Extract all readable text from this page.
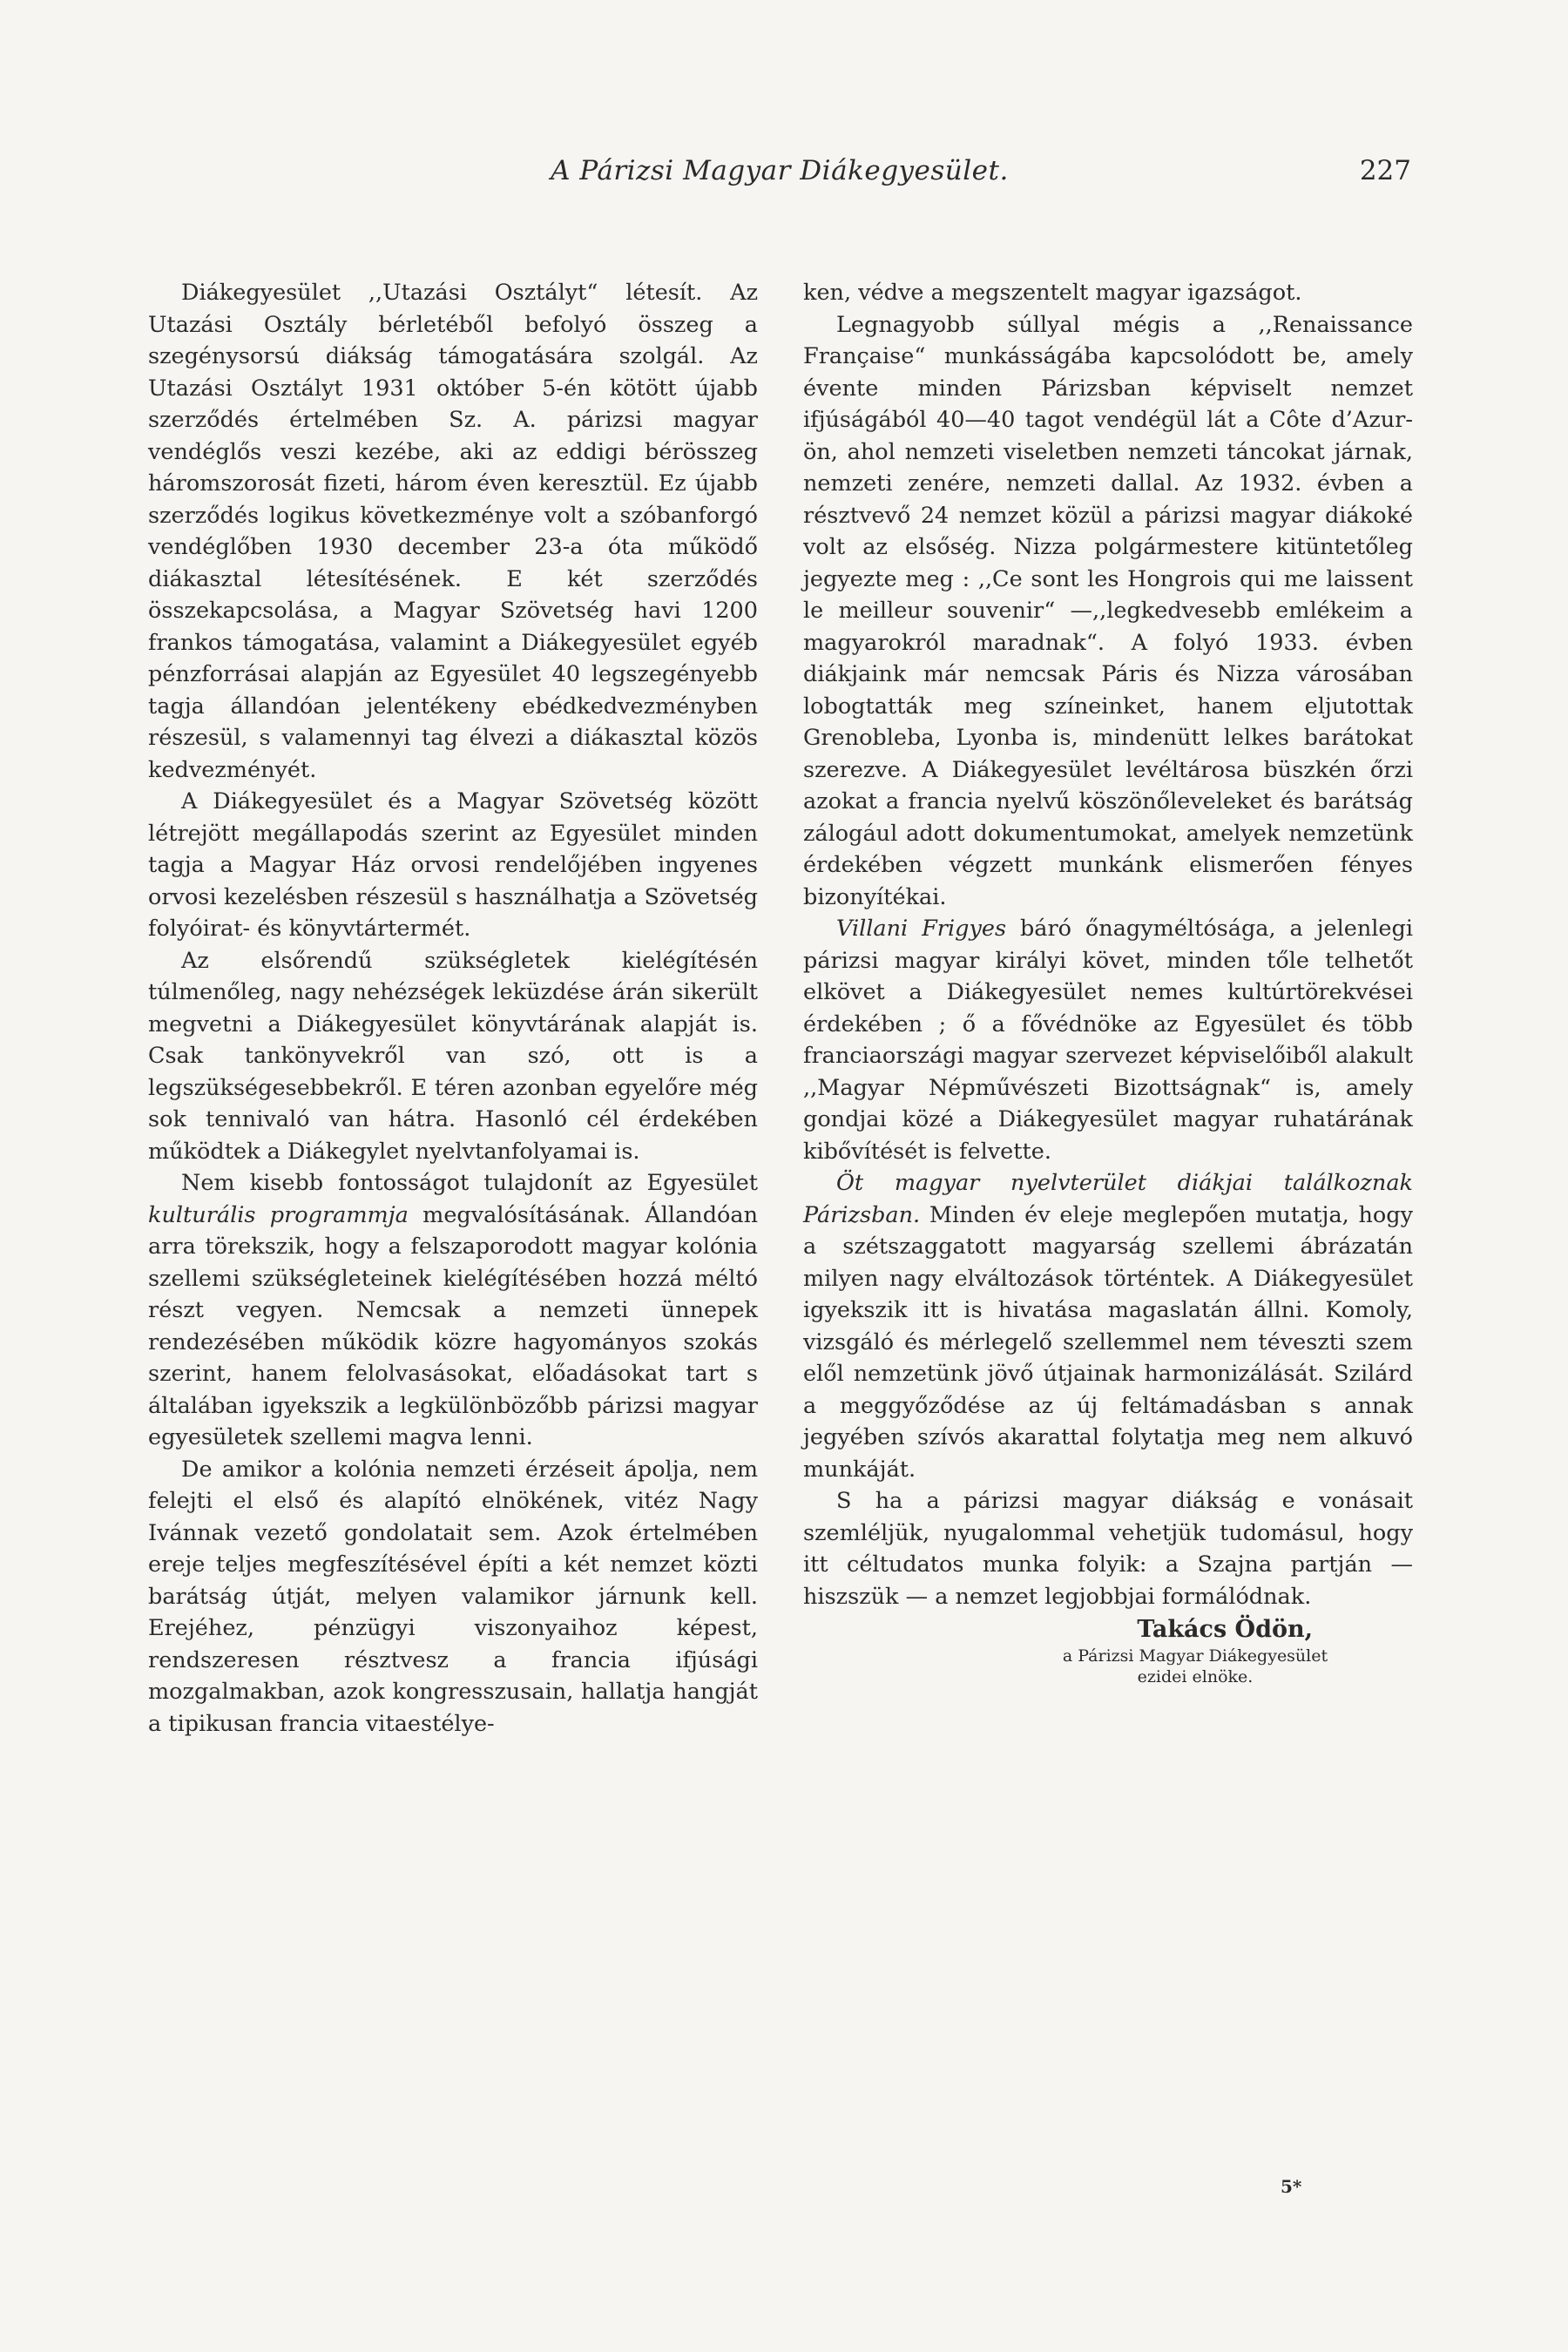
A Párizsi Magyar Diákegyesület.	227

Diákegyesület ,,Utazási Osztályt“ létesít. Az Utazási Osztály bérletéből befolyó összeg a szegénysorsú diákság támogatására szolgál. Az Utazási Osztályt 1931 október 5-én kötött újabb szerződés értelmében Sz. A. párizsi magyar vendéglős veszi kezébe, aki az eddigi bérösszeg háromszorosát fizeti, három éven keresztül. Ez újabb szerződés logikus következménye volt a szóbanforgó vendéglőben 1930 december 23-a óta működő diákasztal létesítésének. E két szerződés összekapcsolása, a Magyar Szövetség havi 1200 frankos támogatása, valamint a Diákegyesület egyéb pénzforrásai alapján az Egyesület 40 legszegényebb tagja állandóan jelentékeny ebédkedvezményben részesül, s valamennyi tag élvezi a diákasztal közös kedvezményét.

A Diákegyesület és a Magyar Szövetség között létrejött megállapodás szerint az Egyesület minden tagja a Magyar Ház orvosi rendelőjében ingyenes orvosi kezelésben részesül s használhatja a Szövetség folyóirat- és könyvtártermét.

Az elsőrendű szükségletek kielégítésén túlmenőleg, nagy nehézségek leküzdése árán sikerült megvetni a Diákegyesület könyvtárának alapját is. Csak tankönyvekről van szó, ott is a legszükségesebbekről. E téren azonban egyelőre még sok tennivaló van hátra. Hasonló cél érdekében működtek a Diákegylet nyelvtanfolyamai is.

Nem kisebb fontosságot tulajdonít az Egyesület kulturális programmja megvalósításának. Állandóan arra törekszik, hogy a felszaporodott magyar kolónia szellemi szükségleteinek kielégítésében hozzá méltó részt vegyen. Nemcsak a nemzeti ünnepek rendezésében működik közre hagyományos szokás szerint, hanem felolvasásokat, előadásokat tart s általában igyekszik a legkülönbözőbb párizsi magyar egyesületek szellemi magva lenni.

De amikor a kolónia nemzeti érzéseit ápolja, nem felejti el első és alapító elnökének, vitéz Nagy Ivánnak vezető gondolatait sem. Azok értelmében ereje teljes megfeszítésével építi a két nemzet közti barátság útját, melyen valamikor járnunk kell. Erejéhez, pénzügyi viszonyaihoz képest, rendszeresen résztvesz a francia ifjúsági mozgalmakban, azok kongresszusain, hallatja hangját a tipikusan francia vitaestélye-

ken, védve a megszentelt magyar igazságot.

Legnagyobb súllyal mégis a ,,Renaissance Française“ munkásságába kapcsolódott be, amely évente minden Párizsban képviselt nemzet ifjúságából 40—40 tagot vendégül lát a Côte d’Azur-ön, ahol nemzeti viseletben nemzeti táncokat járnak, nemzeti zenére, nemzeti dallal. Az 1932. évben a résztvevő 24 nemzet közül a párizsi magyar diákoké volt az elsőség. Nizza polgármestere kitüntetőleg jegyezte meg : ,,Ce sont les Hongrois qui me laissent le meilleur souvenir“ —,,legkedvesebb emlékeim a magyarokról maradnak“. A folyó 1933. évben diákjaink már nemcsak Páris és Nizza városában lobogtatták meg színeinket, hanem eljutottak Grenobleba, Lyonba is, mindenütt lelkes barátokat szerezve. A Diákegyesület levéltárosa büszkén őrzi azokat a francia nyelvű köszönőleveleket és barátság zálogául adott dokumentumokat, amelyek nemzetünk érdekében végzett munkánk elismerően fényes bizonyítékai.

Villani Frigyes báró őnagyméltósága, a jelenlegi párizsi magyar királyi követ, minden tőle telhetőt elkövet a Diákegyesület nemes kultúrtörekvései érdekében ; ő a fővédnöke az Egyesület és több franciaországi magyar szervezet képviselőiből alakult ,,Magyar Népművészeti Bizottságnak“ is, amely gondjai közé a Diákegyesület magyar ruhatárának kibővítését is felvette.

Öt magyar nyelvterület diákjai találkoznak Párizsban. Minden év eleje meglepően mutatja, hogy a szétszaggatott magyarság szellemi ábrázatán milyen nagy elváltozások történtek. A Diákegyesület igyekszik itt is hivatása magaslatán állni. Komoly, vizsgáló és mérlegelő szellemmel nem téveszti szem elől nemzetünk jövő útjainak harmonizálását. Szilárd a meggyőződése az új feltámadásban s annak jegyében szívós akarattal folytatja meg nem alkuvó munkáját.

S ha a párizsi magyar diákság e vonásait szemléljük, nyugalommal vehetjük tudomásul, hogy itt céltudatos munka folyik: a Szajna partján — hiszszük — a nemzet legjobbjai formálódnak.

Takács Ödön,
a Párizsi Magyar Diákegyesület
ezidei elnöke.
5*
